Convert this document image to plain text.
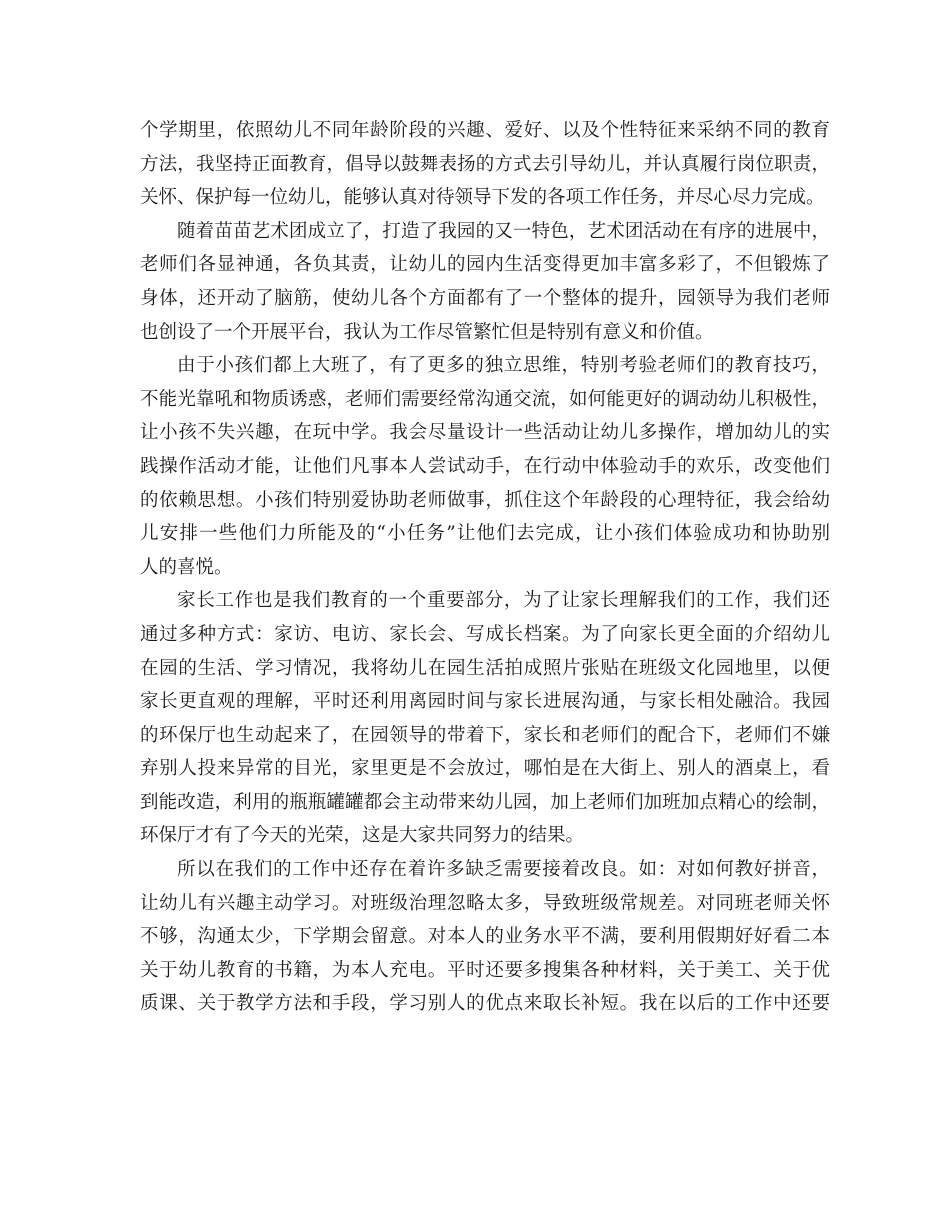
个学期里，依照幼儿不同年龄阶段的兴趣、爱好、以及个性特征来采纳不同的教育
方法，我坚持正面教育，倡导以鼓舞表扬的方式去引导幼儿，并认真履行岗位职责，
关怀、保护每一位幼儿，能够认真对待领导下发的各项工作任务，并尽心尽力完成。
随着苗苗艺术团成立了，打造了我园的又一特色，艺术团活动在有序的进展中，
老师们各显神通，各负其责，让幼儿的园内生活变得更加丰富多彩了，不但锻炼了
身体，还开动了脑筋，使幼儿各个方面都有了一个整体的提升，园领导为我们老师
也创设了一个开展平台，我认为工作尽管繁忙但是特别有意义和价值。
由于小孩们都上大班了，有了更多的独立思维，特别考验老师们的教育技巧，
不能光靠吼和物质诱惑，老师们需要经常沟通交流，如何能更好的调动幼儿积极性，
让小孩不失兴趣，在玩中学。我会尽量设计一些活动让幼儿多操作，增加幼儿的实
践操作活动才能，让他们凡事本人尝试动手，在行动中体验动手的欢乐，改变他们
的依赖思想。小孩们特别爱协助老师做事，抓住这个年龄段的心理特征，我会给幼
儿安排一些他们力所能及的“小任务”让他们去完成，让小孩们体验成功和协助别
人的喜悦。
家长工作也是我们教育的一个重要部分，为了让家长理解我们的工作，我们还
通过多种方式：家访、电访、家长会、写成长档案。为了向家长更全面的介绍幼儿
在园的生活、学习情况，我将幼儿在园生活拍成照片张贴在班级文化园地里，以便
家长更直观的理解，平时还利用离园时间与家长进展沟通，与家长相处融洽。我园
的环保厅也生动起来了，在园领导的带着下，家长和老师们的配合下，老师们不嫌
弃别人投来异常的目光，家里更是不会放过，哪怕是在大街上、别人的酒桌上，看
到能改造，利用的瓶瓶罐罐都会主动带来幼儿园，加上老师们加班加点精心的绘制，
环保厅才有了今天的光荣，这是大家共同努力的结果。
所以在我们的工作中还存在着许多缺乏需要接着改良。如：对如何教好拼音，
让幼儿有兴趣主动学习。对班级治理忽略太多，导致班级常规差。对同班老师关怀
不够，沟通太少，下学期会留意。对本人的业务水平不满，要利用假期好好看二本
关于幼儿教育的书籍，为本人充电。平时还要多搜集各种材料，关于美工、关于优
质课、关于教学方法和手段，学习别人的优点来取长补短。我在以后的工作中还要
